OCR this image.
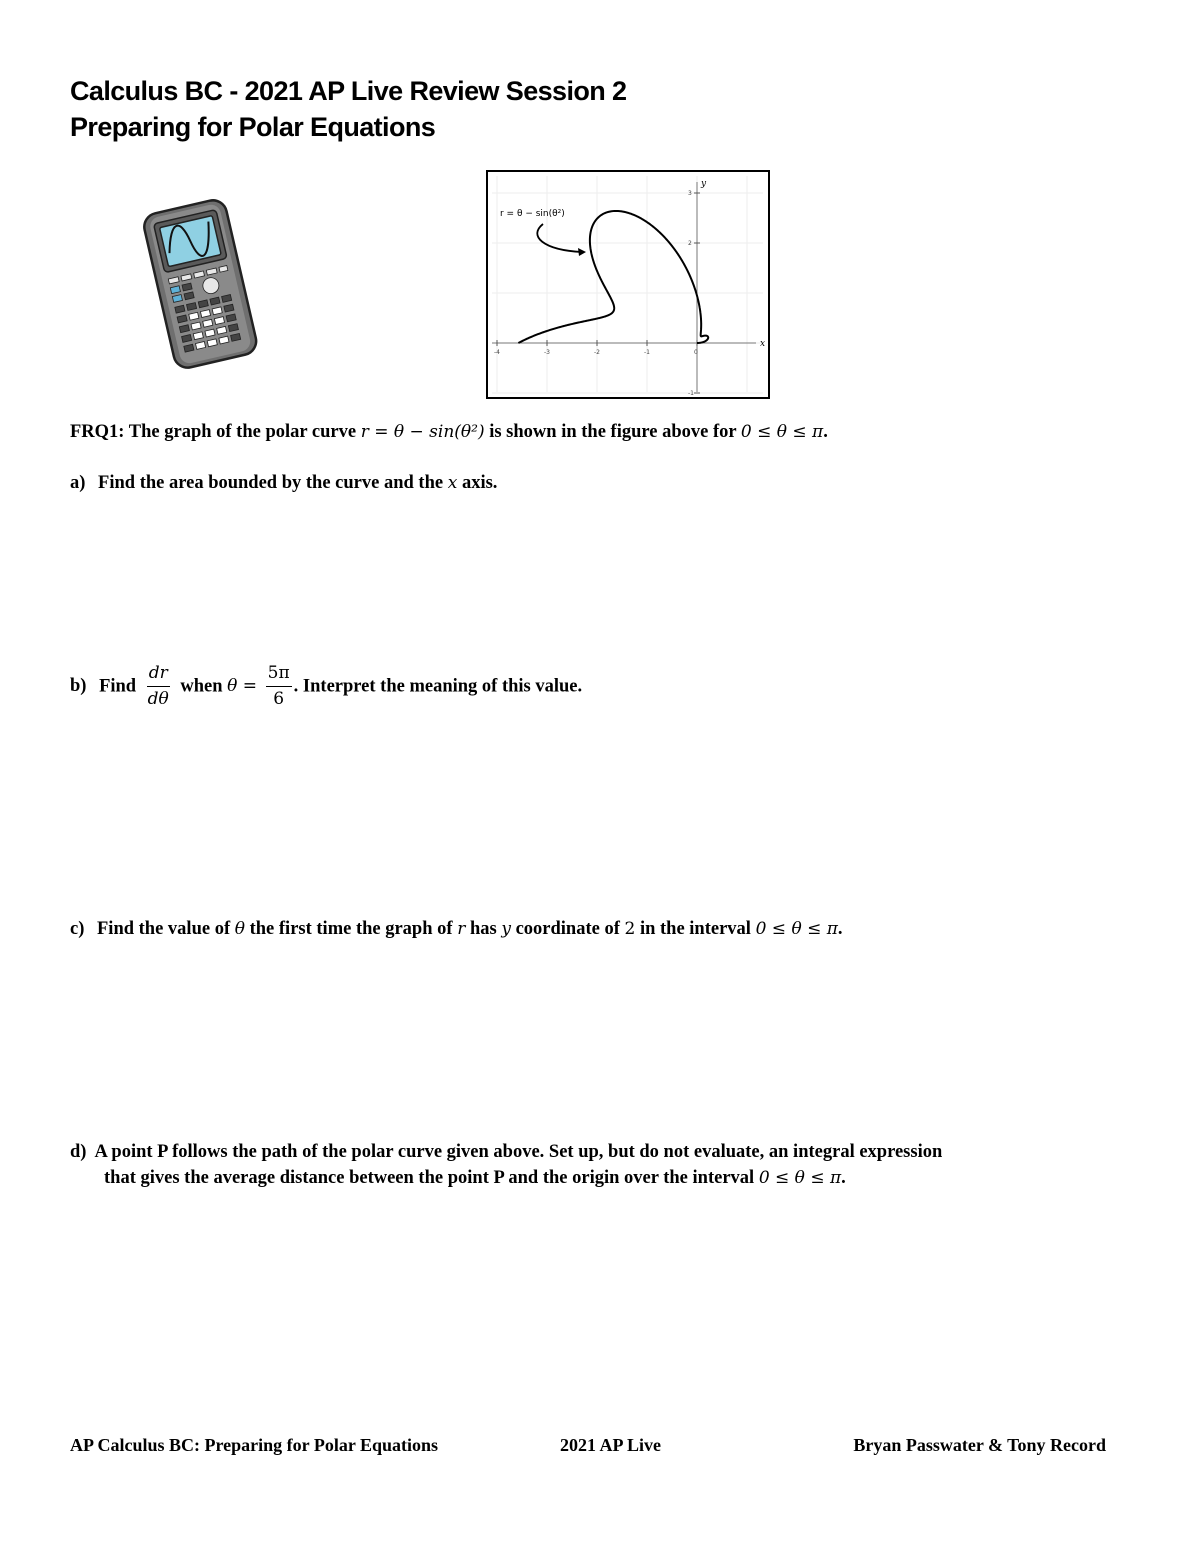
Calculus BC - 2021 AP Live Review Session 2
Preparing for Polar Equations
-4	-3	-2	-1	0
3
2
-1
x
y
r = θ − sin(θ²)
FRQ1: The graph of the polar curve r = θ − sin(θ²) is shown in the figure above for 0 ≤ θ ≤ π.
a) Find the area bounded by the curve and the x axis.
b) Find $\frac{dr}{d\theta}$ when $\theta = \frac{5\pi}{6}$ . Interpret the meaning of this value.
c) Find the value of θ the first time the graph of r has y coordinate of 2 in the interval 0 ≤ θ ≤ π.
d) A point P follows the path of the polar curve given above. Set up, but do not evaluate, an integral expression
that gives the average distance between the point P and the origin over the interval 0 ≤ θ ≤ π.
AP Calculus BC: Preparing for Polar Equations	2021 AP Live	Bryan Passwater & Tony Record
